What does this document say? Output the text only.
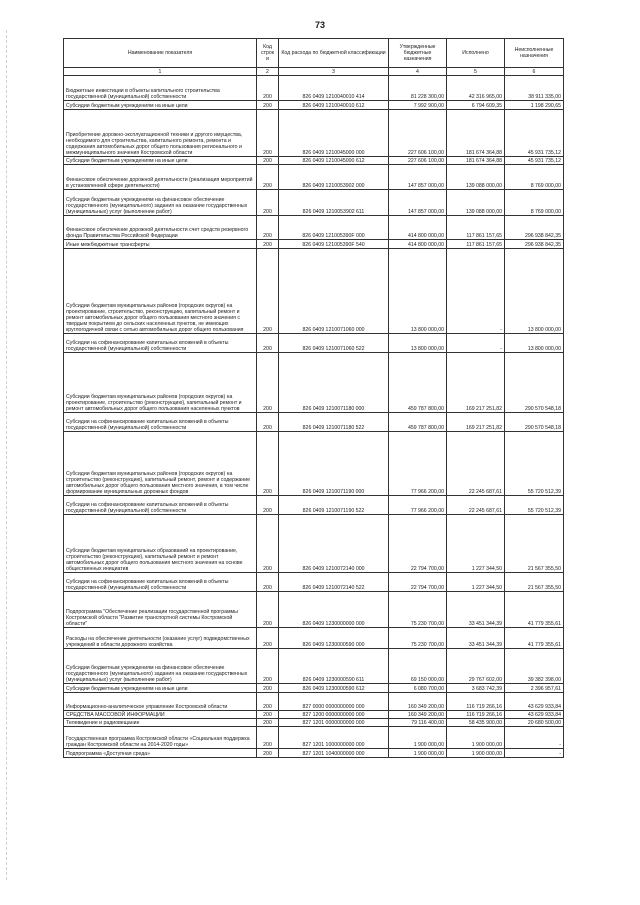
73
Наименование показателя	Код строк и	Код расхода по бюджетной классификации	Утвержденные бюджетные назначения	Исполнено	Неисполненные назначения
1	2	3	4	5	6
Бюджетные инвестиции в объекты капитального строительства государственной (муниципальной) собственности	200	826 0409 1210040010 414	81 228 300,00	42 316 965,00	38 911 335,00
Субсидии бюджетным учреждениям на иные цели	200	826 0409 1210040010 612	7 992 900,00	6 794 609,35	1 198 290,65
Приобретение дорожно-эксплуатационной техники и другого имущества, необходимого для строительства, капитального ремонта, ремонта и содержания автомобильных дорог общего пользования регионального и межмуниципального значения Костромской области	200	826 0409 1210045000 000	227 606 100,00	181 674 364,88	45 931 735,12
Субсидии бюджетным учреждениям на иные цели	200	826 0409 1210045000 612	227 606 100,00	181 674 364,88	45 931 735,12
Финансовое обеспечение дорожной деятельности (реализация мероприятий в установленной сфере деятельности)	200	826 0409 1210053902 000	147 857 000,00	139 088 000,00	8 769 000,00
Субсидии бюджетным учреждениям на финансовое обеспечение государственного (муниципального) задания на оказание государственных (муниципальных) услуг (выполнение работ)	200	826 0409 1210053902 611	147 857 000,00	139 088 000,00	8 769 000,00
Финансовое обеспечение дорожной деятельности счет средств резервного фонда Правительства Российской Федерации	200	826 0409 121005390F 000	414 800 000,00	117 861 157,65	296 938 842,35
Иные межбюджетные трансферты	200	826 0409 121005390F 540	414 800 000,00	117 861 157,65	296 938 842,35
Субсидии бюджетам муниципальных районов (городских округов) на проектирование, строительство, реконструкцию, капитальный ремонт и ремонт автомобильных дорог общего пользования местного значения с твердым покрытием до сельских населенных пунктов, не имеющих круглогодичной связи с сетью автомобильных дорог общего пользования	200	826 0409 1210071060 000	13 800 000,00	-	13 800 000,00
Субсидии на софинансирование капитальных вложений в объекты государственной (муниципальной) собственности	200	826 0409 1210071060 522	13 800 000,00	-	13 800 000,00
Субсидии бюджетам муниципальных районов (городских округов) на проектирование, строительство (реконструкцию), капитальный ремонт и ремонт автомобильных дорог общего пользования населенных пунктов	200	826 0409 1210071180 000	459 787 800,00	169 217 251,82	290 570 548,18
Субсидии на софинансирование капитальных вложений в объекты государственной (муниципальной) собственности	200	826 0409 1210071180 522	459 787 800,00	169 217 251,82	290 570 548,18
Субсидии бюджетам муниципальных районов (городских округов) на строительство (реконструкцию), капитальный ремонт, ремонт и содержание автомобильных дорог общего пользования местного значения, в том числе формирование муниципальных дорожных фондов	200	826 0409 1210071190 000	77 966 200,00	22 245 687,61	55 720 512,39
Субсидии на софинансирование капитальных вложений в объекты государственной (муниципальной) собственности	200	826 0409 1210071190 522	77 966 200,00	22 245 687,61	55 720 512,39
Субсидии бюджетам муниципальных образований на проектирование, строительство (реконструкцию), капитальный ремонт и ремонт автомобильных дорог общего пользования местного значения на основе общественных инициатив	200	826 0409 1210072140 000	22 794 700,00	1 227 344,50	21 567 355,50
Субсидии на софинансирование капитальных вложений в объекты государственной (муниципальной) собственности	200	826 0409 1210072140 522	22 794 700,00	1 227 344,50	21 567 355,50
Подпрограмма "Обеспечение реализации государственной программы Костромской области "Развитие транспортной системы Костромской области"	200	826 0409 1230000000 000	75 230 700,00	33 451 344,39	41 779 355,61
Расходы на обеспечение деятельности (оказание услуг) подведомственных учреждений в области дорожного хозяйства	200	826 0409 1230000590 000	75 230 700,00	33 451 344,39	41 779 355,61
Субсидии бюджетным учреждениям на финансовое обеспечение государственного (муниципального) задания на оказание государственных (муниципальных) услуг (выполнение работ)	200	826 0409 1230000590 611	69 150 000,00	29 767 602,00	39 382 398,00
Субсидии бюджетным учреждениям на иные цели	200	826 0409 1230000590 612	6 080 700,00	3 683 742,39	2 396 957,61
Информационно-аналитическое управление Костромской области	200	827 0000 0000000000 000	160 349 200,00	116 719 266,16	43 629 933,84
СРЕДСТВА МАССОВОЙ ИНФОРМАЦИИ	200	827 1200 0000000000 000	160 349 200,00	116 719 266,16	43 629 933,84
Телевидение и радиовещание	200	827 1201 0000000000 000	79 116 400,00	58 435 900,00	20 680 500,00
Государственная программа Костромской области «Социальная поддержка граждан Костромской области на 2014-2020 годы»	200	827 1201 1000000000 000	1 900 000,00	1 900 000,00	-
Подпрограмма «Доступная среда»	200	827 1201 1040000000 000	1 900 000,00	1 900 000,00	-
